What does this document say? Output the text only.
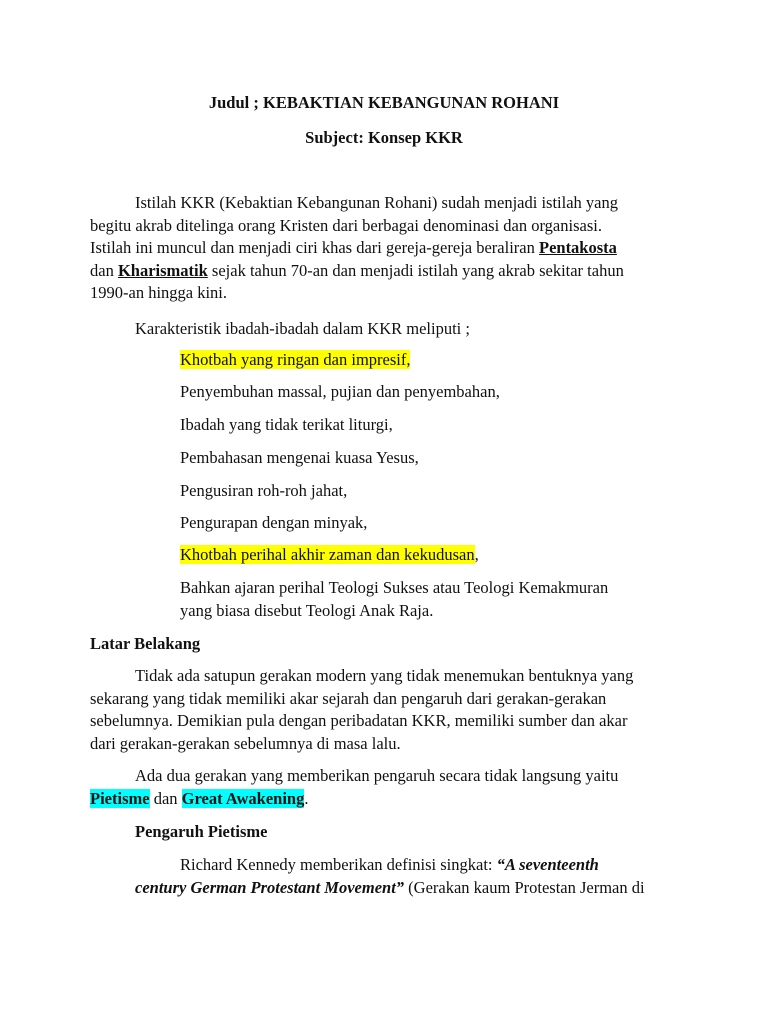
Judul ; KEBAKTIAN KEBANGUNAN ROHANI
Subject: Konsep KKR
Istilah KKR (Kebaktian Kebangunan Rohani) sudah menjadi istilah yang
begitu akrab ditelinga orang Kristen dari berbagai denominasi dan organisasi.
Istilah ini muncul dan menjadi ciri khas dari gereja-gereja beraliran Pentakosta
dan Kharismatik sejak tahun 70-an dan menjadi istilah yang akrab sekitar tahun
1990-an hingga kini.
Karakteristik ibadah-ibadah dalam KKR meliputi ;
Khotbah yang ringan dan impresif,
Penyembuhan massal, pujian dan penyembahan,
Ibadah yang tidak terikat liturgi,
Pembahasan mengenai kuasa Yesus,
Pengusiran roh-roh jahat,
Pengurapan dengan minyak,
Khotbah perihal akhir zaman dan kekudusan,
Bahkan ajaran perihal Teologi Sukses atau Teologi Kemakmuran
yang biasa disebut Teologi Anak Raja.
Latar Belakang
Tidak ada satupun gerakan modern yang tidak menemukan bentuknya yang
sekarang yang tidak memiliki akar sejarah dan pengaruh dari gerakan-gerakan
sebelumnya. Demikian pula dengan peribadatan KKR, memiliki sumber dan akar
dari gerakan-gerakan sebelumnya di masa lalu.
Ada dua gerakan yang memberikan pengaruh secara tidak langsung yaitu
Pietisme dan Great Awakening.
Pengaruh Pietisme
Richard Kennedy memberikan definisi singkat: “A seventeenth
century German Protestant Movement” (Gerakan kaum Protestan Jerman di
